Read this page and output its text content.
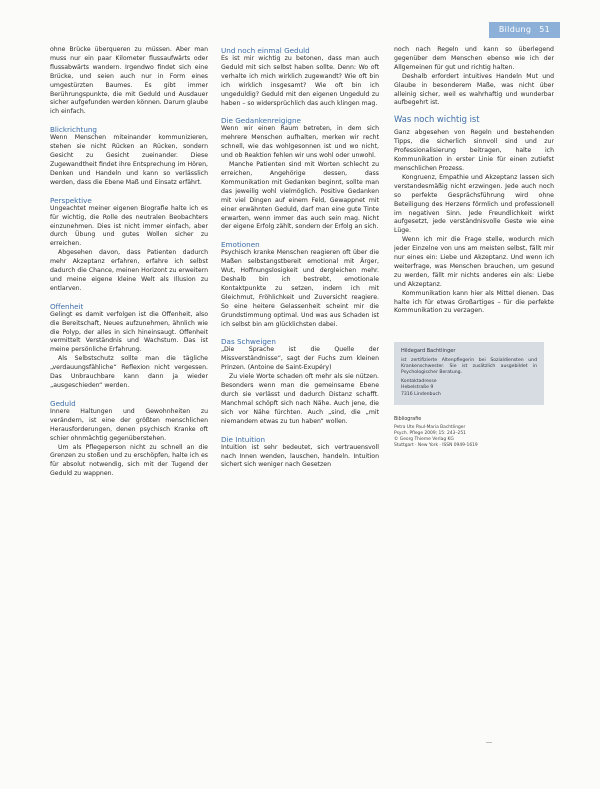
Bildung 51

ohne Brücke überqueren zu müssen. Aber man muss nur ein paar Kilometer flussaufwärts oder flussabwärts wandern. Irgendwo findet sich eine Brücke, und seien auch nur in Form eines umgestürzten Baumes. Es gibt immer Berührungspunkte, die mit Geduld und Ausdauer sicher aufgefunden werden können. Darum glaube ich einfach.

Blickrichtung

Wenn Menschen miteinander kommunizieren, stehen sie nicht Rücken an Rücken, sondern Gesicht zu Gesicht zueinander. Diese Zugewandtheit findet ihre Entsprechung im Hören, Denken und Handeln und kann so verlässlich werden, dass die Ebene Maß und Einsatz erfährt.

Perspektive

Ungeachtet meiner eigenen Biografie halte ich es für wichtig, die Rolle des neutralen Beobachters einzunehmen. Dies ist nicht immer einfach, aber durch Übung und gutes Wollen sicher zu erreichen.

Abgesehen davon, dass Patienten dadurch mehr Akzeptanz erfahren, erfahre ich selbst dadurch die Chance, meinen Horizont zu erweitern und meine eigene kleine Welt als Illusion zu entlarven.

Offenheit

Gelingt es damit verfolgen ist die Offenheit, also die Bereitschaft, Neues aufzunehmen, ähnlich wie die Polyp, der alles in sich hineinsaugt. Offenheit vermittelt Verständnis und Wachstum. Das ist meine persönliche Erfahrung.

Als Selbstschutz sollte man die tägliche „verdauungsfähliche“ Reflexion nicht vergessen. Das Unbrauchbare kann dann ja wieder „ausgeschieden“ werden.

Geduld

Innere Haltungen und Gewohnheiten zu verändern, ist eine der größten menschlichen Herausforderungen, denen psychisch Kranke oft schier ohnmächtig gegenüberstehen.

Um als Pflegeperson nicht zu schnell an die Grenzen zu stoßen und zu erschöpfen, halte ich es für absolut notwendig, sich mit der Tugend der Geduld zu wappnen.

Und noch einmal Geduld

Es ist mir wichtig zu betonen, dass man auch Geduld mit sich selbst haben sollte. Denn: Wo oft verhalte ich mich wirklich zugewandt? Wie oft bin ich wirklich insgesamt? Wie oft bin ich ungeduldig? Geduld mit den eigenen Ungeduld zu haben – so widersprüchlich das auch klingen mag.

Die Gedankenreigigne

Wenn wir einen Raum betreten, in dem sich mehrere Menschen aufhalten, merken wir recht schnell, wie das wohlgesonnen ist und wo nicht, und ob Reaktion fehlen wir uns wohl oder unwohl.

Manche Patienten sind mit Worten schlecht zu erreichen, Angehörige dessen, dass Kommunikation mit Gedanken beginnt, sollte man das jeweilig wohl vielmöglich. Positive Gedanken mit viel Dingen auf einem Feld, Gewappnet mit einer erwähnten Geduld, darf man eine gute Tinte erwarten, wenn immer das auch sein mag. Nicht der eigene Erfolg zählt, sondern der Erfolg an sich.

Emotionen

Psychisch kranke Menschen reagieren oft über die Maßen selbstangstbereit emotional mit Ärger, Wut, Hoffnungslosigkeit und dergleichen mehr. Deshalb bin ich bestrebt, emotionale Kontaktpunkte zu setzen, indem ich mit Gleichmut, Fröhlichkeit und Zuversicht reagiere. So eine heitere Gelassenheit scheint mir die Grundstimmung optimal. Und was aus Schaden ist ich selbst bin am glücklichsten dabei.

Das Schweigen

„Die Sprache ist die Quelle der Missverständnisse“, sagt der Fuchs zum kleinen Prinzen. (Antoine de Saint-Exupéry)

Zu viele Worte schaden oft mehr als sie nützen. Besonders wenn man die gemeinsame Ebene durch sie verlässt und dadurch Distanz schafft. Manchmal schöpft sich nach Nähe. Auch jene, die sich vor Nähe fürchten. Auch „sind, die „mit niemandem etwas zu tun haben“ wollen.

Die Intuition

Intuition ist sehr bedeutet, sich vertrauensvoll nach Innen wenden, lauschen, handeln. Intuition sichert sich weniger nach Gesetzen

noch nach Regeln und kann so überlegend gegenüber dem Menschen ebenso wie ich der Allgemeinen für gut und richtig halten.

Deshalb erfordert intuitives Handeln Mut und Glaube in besonderem Maße, was nicht über alleinig sicher, weil es wahrhaftig und wunderbar aufbegehrt ist.

Was noch wichtig ist

Ganz abgesehen von Regeln und bestehenden Tipps, die sicherlich sinnvoll sind und zur Professionalisierung beitragen, halte ich Kommunikation in erster Linie für einen zutiefst menschlichen Prozess.

Kongruenz, Empathie und Akzeptanz lassen sich verstandesmäßig nicht erzwingen. Jede auch noch so perfekte Gesprächsführung wird ohne Beteiligung des Herzens förmlich und professionell im negativen Sinn. Jede Freundlichkeit wirkt aufgesetzt, jede verständnisvolle Geste wie eine Lüge.

Wenn ich mir die Frage stelle, wodurch mich jeder Einzelne von uns am meisten selbst, fällt mir nur eines ein: Liebe und Akzeptanz. Und wenn ich weiterfrage, was Menschen brauchen, um gesund zu werden, fällt mir nichts anderes ein als: Liebe und Akzeptanz.

Kommunikation kann hier als Mittel dienen. Das halte ich für etwas Großartiges – für die perfekte Kommunikation zu verzagen.

Hildegard Bachtlinger
ist zertifizierte Altenpflegerin bei Sozialdiensten und Krankenschwester. Sie ist zusätzlich ausgebildet in Psychologischer Beratung.
Kontaktadresse
Hebelstraße 9
7316 Lindenbuch
Bibliografie
Petra Ute Paul-Maria Bachtlinger
Psych. Pflege 2009; 15: 243–251
© Georg Thieme Verlag KG
Stuttgart · New York · ISSN 0949-1619
